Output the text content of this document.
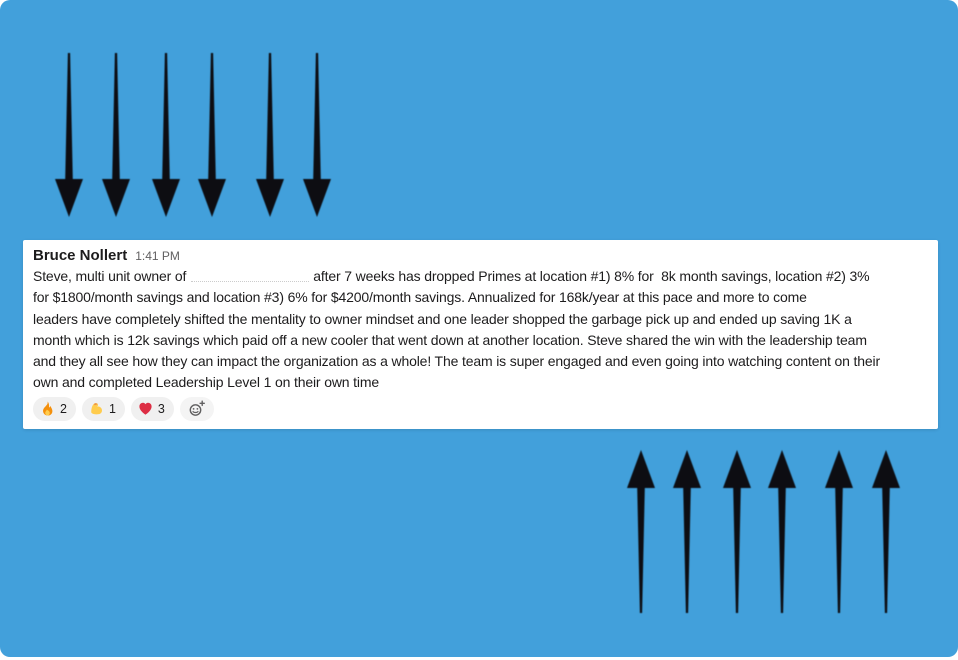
Bruce Nollert 1:41 PM
Steve, multi unit owner of	after 7 weeks has dropped Primes at location #1) 8% for  8k month savings, location #2) 3%
for $1800/month savings and location #3) 6% for $4200/month savings. Annualized for 168k/year at this pace and more to come
leaders have completely shifted the mentality to owner mindset and one leader shopped the garbage pick up and ended up saving 1K a
month which is 12k savings which paid off a new cooler that went down at another location. Steve shared the win with the leadership team
and they all see how they can impact the organization as a whole! The team is super engaged and even going into watching content on their
own and completed Leadership Level 1 on their own time
2	1	3
